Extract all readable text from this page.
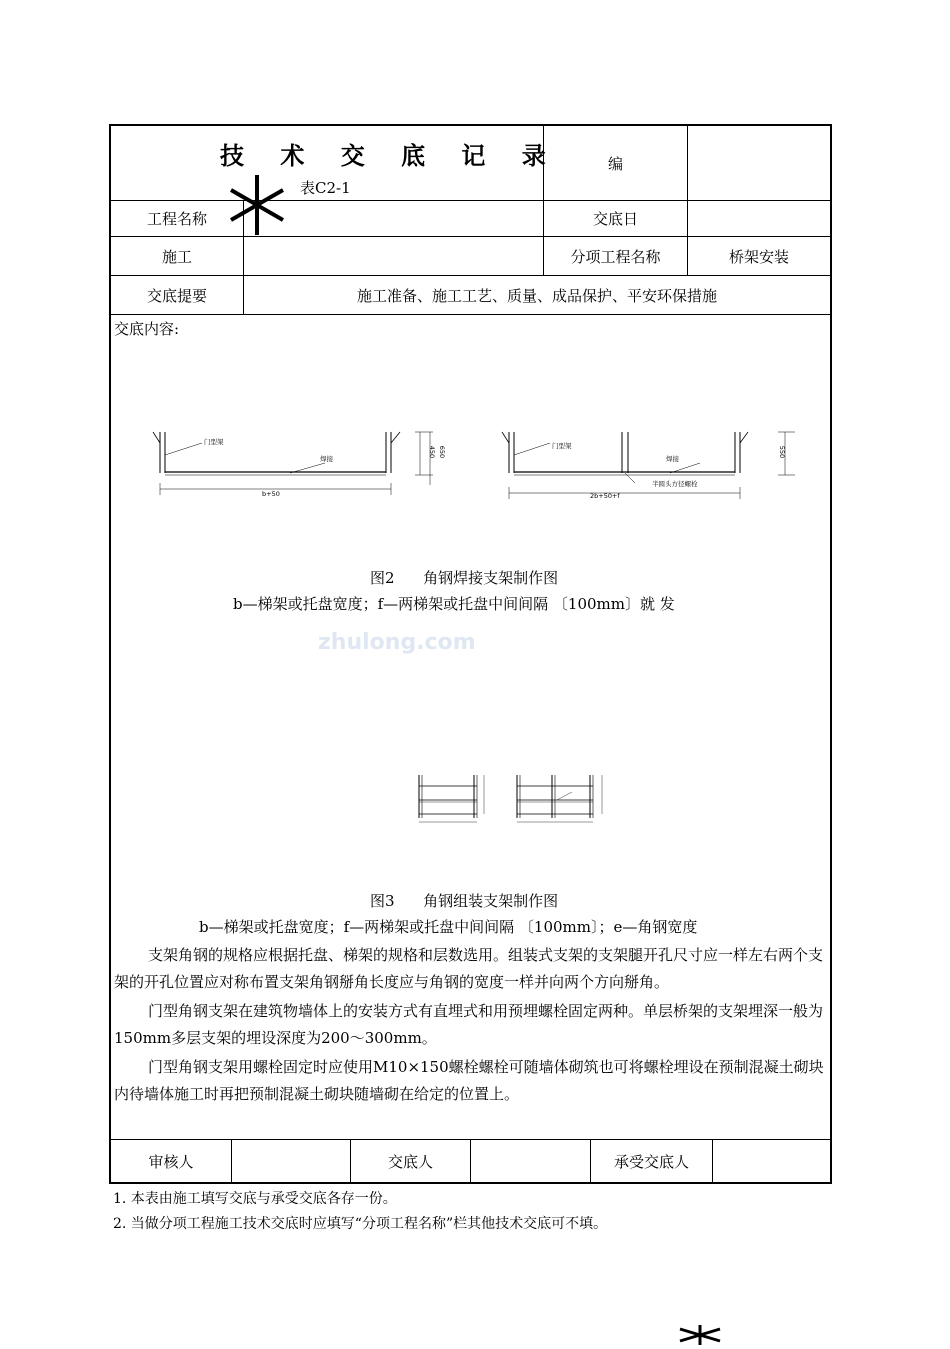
zhulong.com
技 术 交 底 记 录
表C2-1
编
工程名称	交底日
施工	分项工程名称	桥架安装
交底提要	施工准备、施工工艺、质量、成品保护、平安环保措施
交底内容:
门型架
焊接
b+50
450 650	门型架
焊接
半圆头方径螺栓
2b+50+f
550
图2      角钢焊接支架制作图
b—梯架或托盘宽度；f—两梯架或托盘中间间隔 〔100mm〕就 发
图3      角钢组装支架制作图
b—梯架或托盘宽度；f—两梯架或托盘中间间隔 〔100mm〕；e—角钢宽度
支架角钢的规格应根据托盘、梯架的规格和层数选用。组装式支架的支架腿开孔尺寸应一样左右两个支架的开孔位置应对称布置支架角钢掰角长度应与角钢的宽度一样并向两个方向掰角。
门型角钢支架在建筑物墙体上的安装方式有直埋式和用预埋螺栓固定两种。单层桥架的支架埋深一般为150mm多层支架的埋设深度为200～300mm。
门型角钢支架用螺栓固定时应使用M10×150螺栓螺栓可随墙体砌筑也可将螺栓埋设在预制混凝土砌块内待墙体施工时再把预制混凝土砌块随墙砌在给定的位置上。
审核人	交底人	承受交底人
1. 本表由施工填写交底与承受交底各存一份。
2. 当做分项工程施工技术交底时应填写“分项工程名称”栏其他技术交底可不填。
